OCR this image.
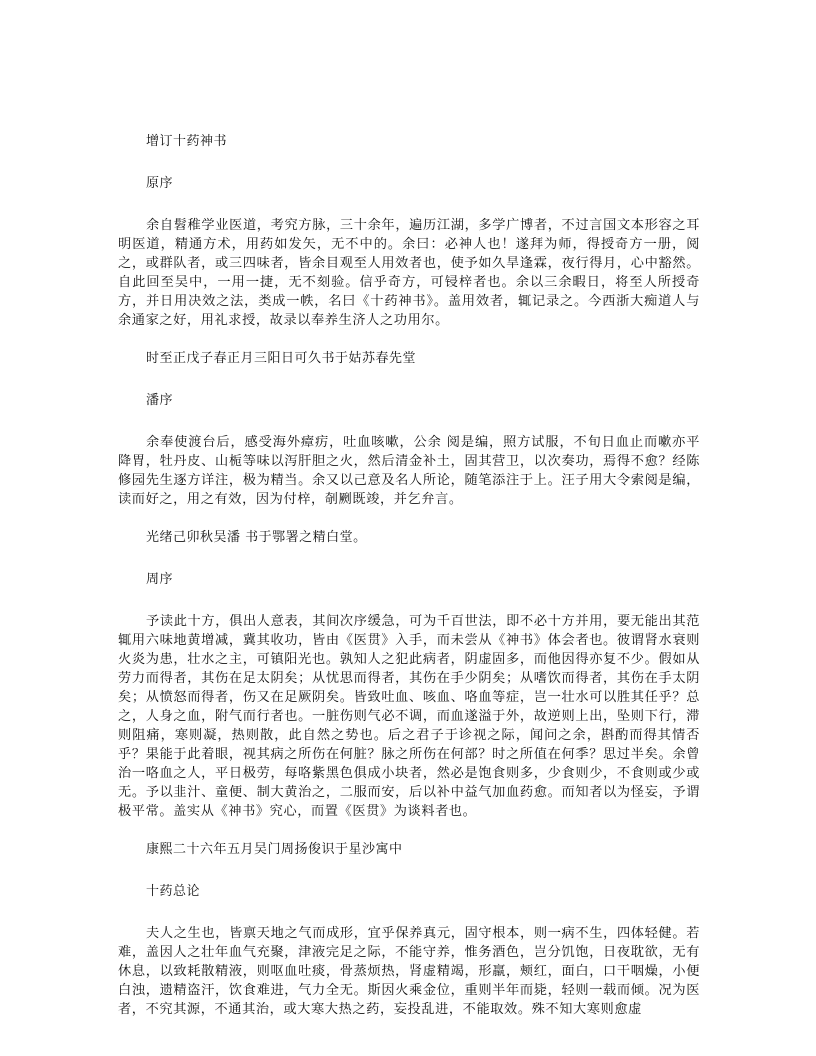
增订十药神书

原序

余自髫稚学业医道，考究方脉，三十余年，遍历江湖，多学广博者，不过言国文本形容之耳明医道，精通方术，用药如发矢，无不中的。余曰：必神人也！遂拜为师，得授奇方一册，阅之，或群队者，或三四味者，皆余目观至人用效者也，使予如久旱逢霖，夜行得月，心中豁然。自此回至吴中，一用一捷，无不刻验。信乎奇方，可锓梓者也。余以三余暇日，将至人所授奇方，并日用决效之法，类成一帙，名曰《十药神书》。盖用效者，辄记录之。今西浙大痴道人与余通家之好，用礼求授，故录以奉养生济人之功用尔。

时至正戊子春正月三阳日可久书于姑苏春先堂

潘序

余奉使渡台后，感受海外瘴疠，吐血咳嗽，公余 阅是编，照方试服，不旬日血止而嗽亦平降胃，牡丹皮、山栀等味以泻肝胆之火，然后清金补土，固其营卫，以次奏功，焉得不愈？经陈修园先生逐方详注，极为精当。余又以己意及名人所论，随笔添注于上。汪子用大令索阅是编，读而好之，用之有效，因为付梓，剞劂既竣，并乞弁言。

光绪己卯秋吴潘 书于鄂署之精白堂。

周序

予读此十方，俱出人意表，其间次序缓急，可为千百世法，即不必十方并用，要无能出其范辄用六味地黄增减，冀其收功，皆由《医贯》入手，而未尝从《神书》体会者也。彼谓肾水衰则火炎为患，壮水之主，可镇阳光也。孰知人之犯此病者，阴虚固多，而他因得亦复不少。假如从劳力而得者，其伤在足太阴矣；从忧思而得者，其伤在手少阴矣；从嗜饮而得者，其伤在手太阴矣；从愤怒而得者，伤又在足厥阴矣。皆致吐血、咳血、咯血等症，岂一壮水可以胜其任乎？总之，人身之血，附气而行者也。一脏伤则气必不调，而血遂溢于外，故逆则上出，坠则下行，滞则阻痛，寒则凝，热则散，此自然之势也。后之君子于诊视之际，闻问之余，斟酌而得其情否乎？果能于此着眼，视其病之所伤在何脏？脉之所伤在何部？时之所值在何季？思过半矣。余曾治一咯血之人，平日极劳，每咯紫黑色俱成小块者，然必是饱食则多，少食则少，不食则或少或无。予以韭汁、童便、制大黄治之，二服而安，后以补中益气加血药愈。而知者以为怪妄，予谓极平常。盖实从《神书》究心，而置《医贯》为谈料者也。

康熙二十六年五月吴门周扬俊识于星沙寓中

十药总论

夫人之生也，皆禀天地之气而成形，宜乎保养真元，固守根本，则一病不生，四体轻健。若难，盖因人之壮年血气充聚，津液完足之际，不能守养，惟务酒色，岂分饥饱，日夜耽欲，无有休息，以致耗散精液，则呕血吐痰，骨蒸烦热，肾虚精竭，形羸，颊红，面白，口干咽燥，小便白浊，遗精盗汗，饮食难进，气力全无。斯因火乘金位，重则半年而毙，轻则一载而倾。况为医者，不究其源，不通其治，或大寒大热之药，妄投乱进，不能取效。殊不知大寒则愈虚
